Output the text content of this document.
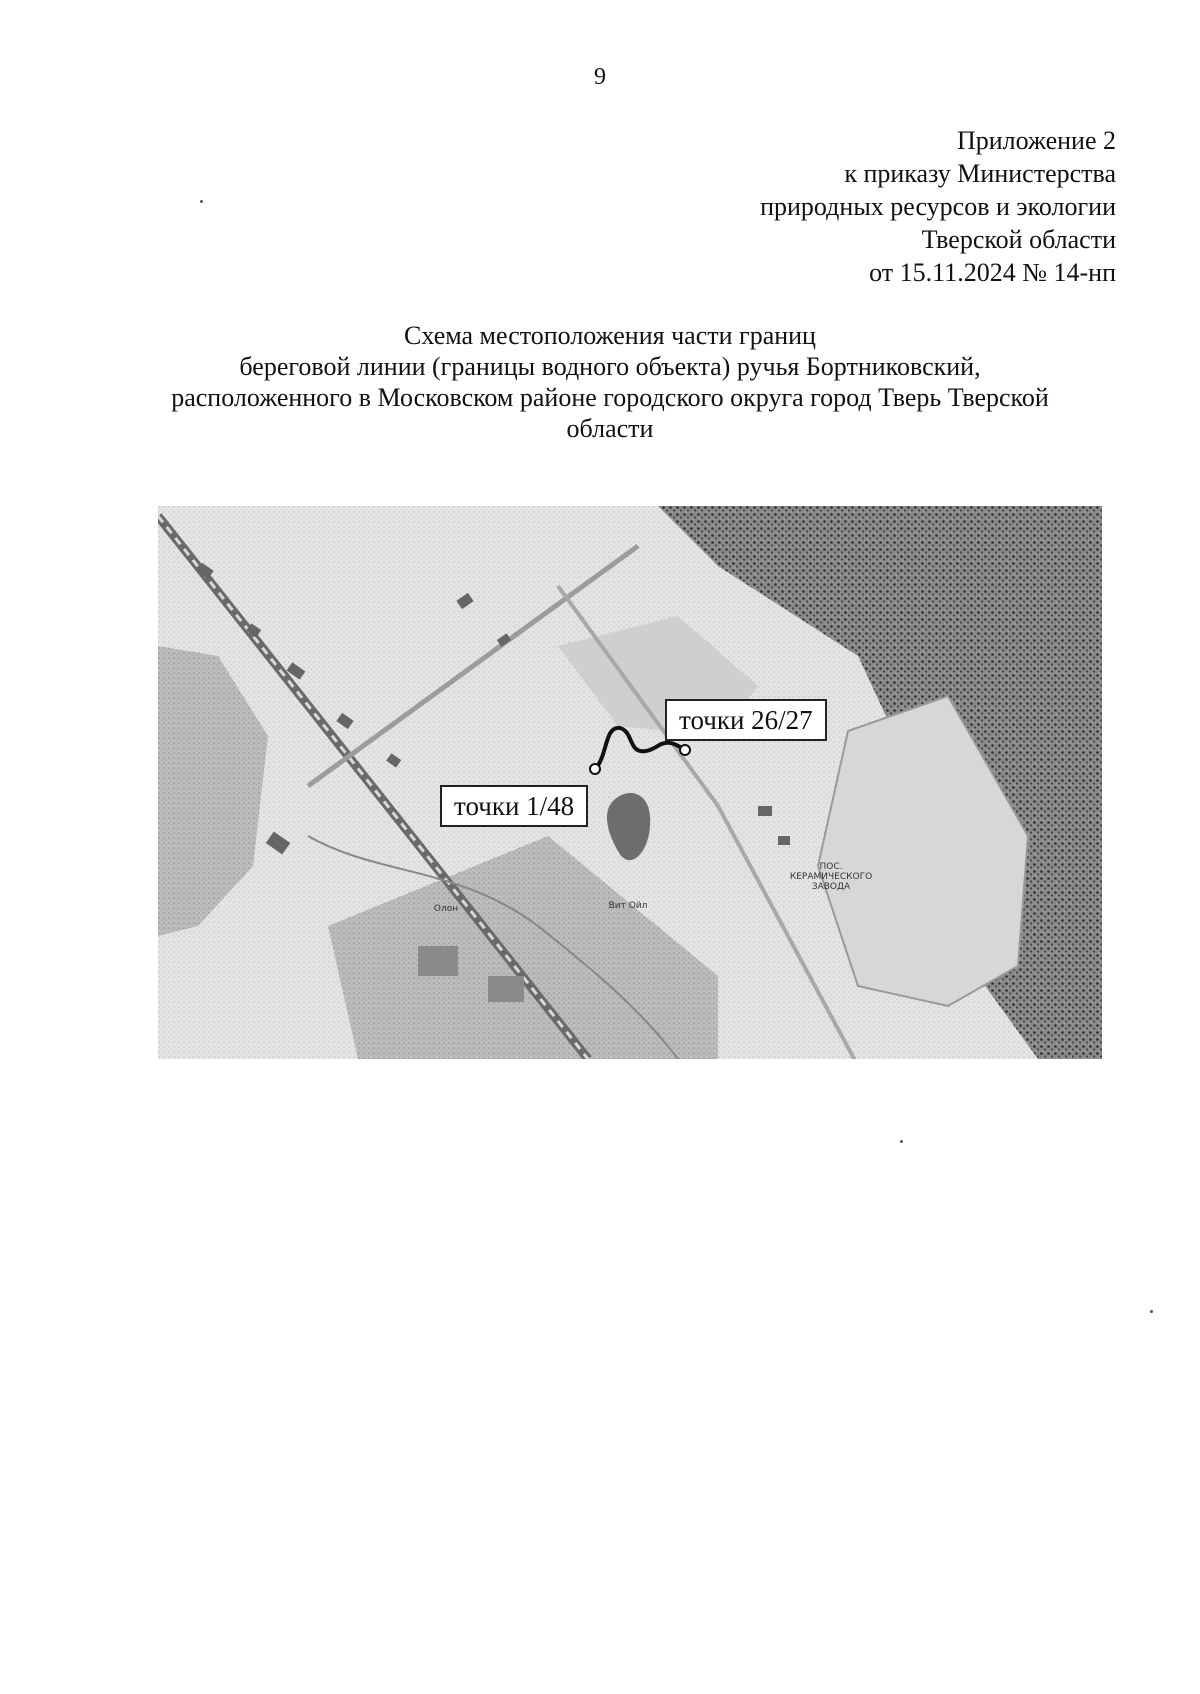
9
Приложение 2
к приказу Министерства
природных ресурсов и экологии
Тверской области
от 15.11.2024 № 14-нп
Схема местоположения части границ
береговой линии (границы водного объекта) ручья Бортниковский,
расположенного в Московском районе городского округа город Тверь Тверской
области
точки 26/27
точки 1/48
ПОС. КЕРАМИЧЕСКОГО ЗАВОДА
Вит Ойл
Олон
